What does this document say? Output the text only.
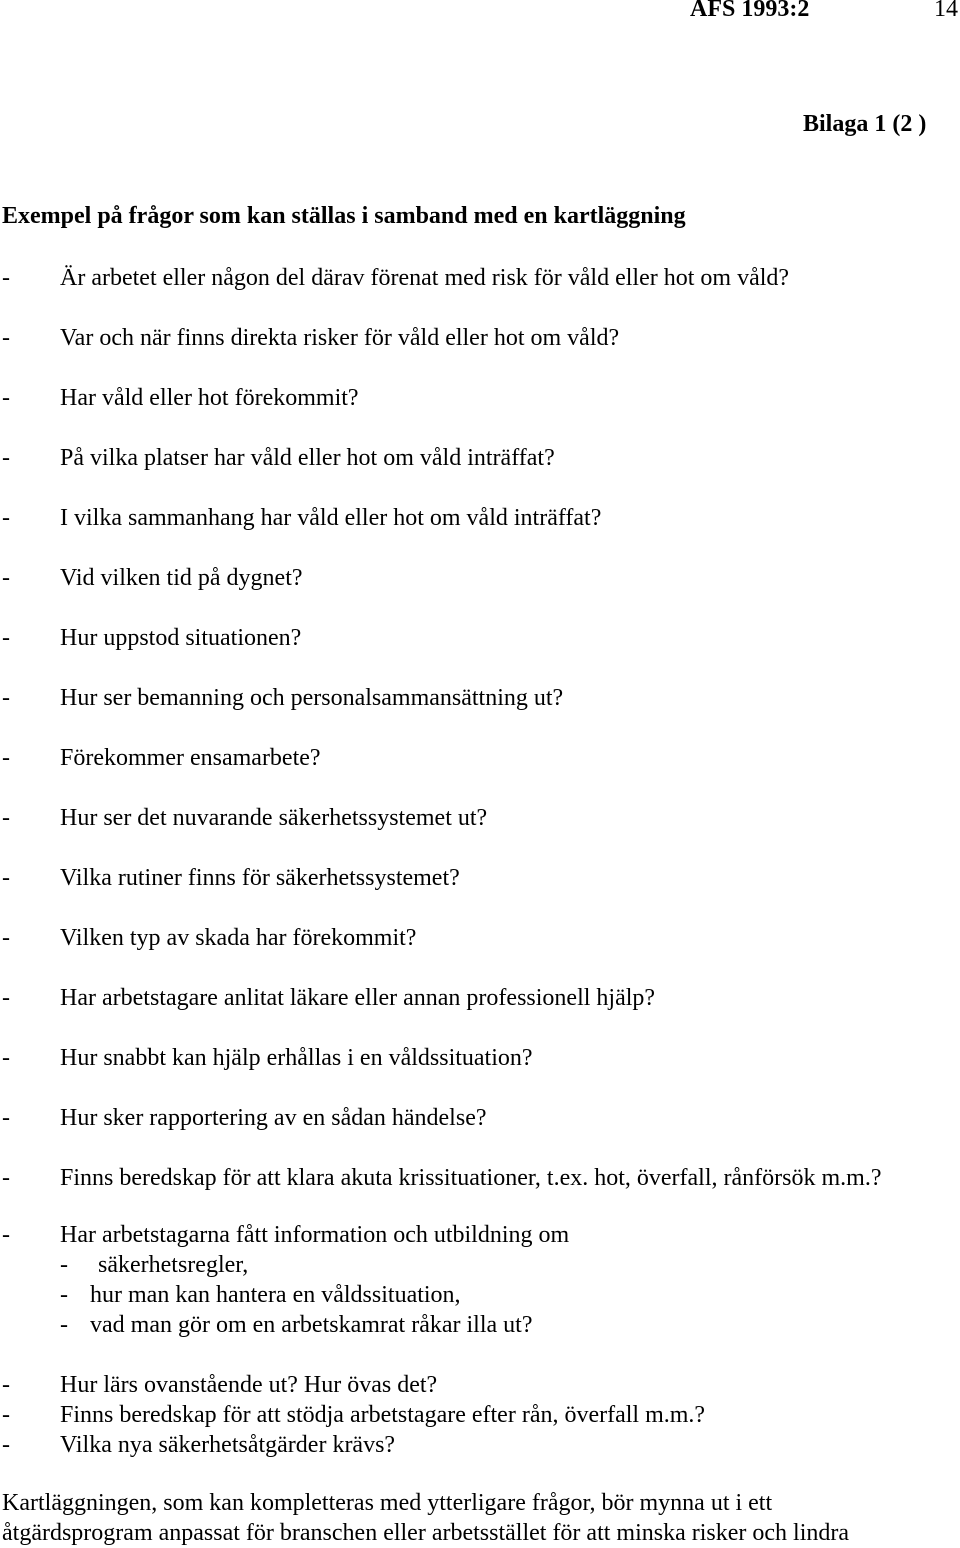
AFS 1993:2	14
Bilaga 1 (2 )
Exempel på frågor som kan ställas i samband med en kartläggning
- Är arbetet eller någon del därav förenat med risk för våld eller hot om våld?
- Var och när finns direkta risker för våld eller hot om våld?
- Har våld eller hot förekommit?
- På vilka platser har våld eller hot om våld inträffat?
- I vilka sammanhang har våld eller hot om våld inträffat?
- Vid vilken tid på dygnet?
- Hur uppstod situationen?
- Hur ser bemanning och personalsammansättning ut?
- Förekommer ensamarbete?
- Hur ser det nuvarande säkerhetssystemet ut?
- Vilka rutiner finns för säkerhetssystemet?
- Vilken typ av skada har förekommit?
- Har arbetstagare anlitat läkare eller annan professionell hjälp?
- Hur snabbt kan hjälp erhållas i en våldssituation?
- Hur sker rapportering av en sådan händelse?
- Finns beredskap för att klara akuta krissituationer, t.ex. hot, överfall, rånförsök m.m.?
- Har arbetstagarna fått information och utbildning om
- säkerhetsregler,
- hur man kan hantera en våldssituation,
- vad man gör om en arbetskamrat råkar illa ut?
- Hur lärs ovanstående ut? Hur övas det?
- Finns beredskap för att stödja arbetstagare efter rån, överfall m.m.?
- Vilka nya säkerhetsåtgärder krävs?
Kartläggningen, som kan kompletteras med ytterligare frågor, bör mynna ut i ett
åtgärdsprogram anpassat för branschen eller arbetsstället för att minska risker och lindra
